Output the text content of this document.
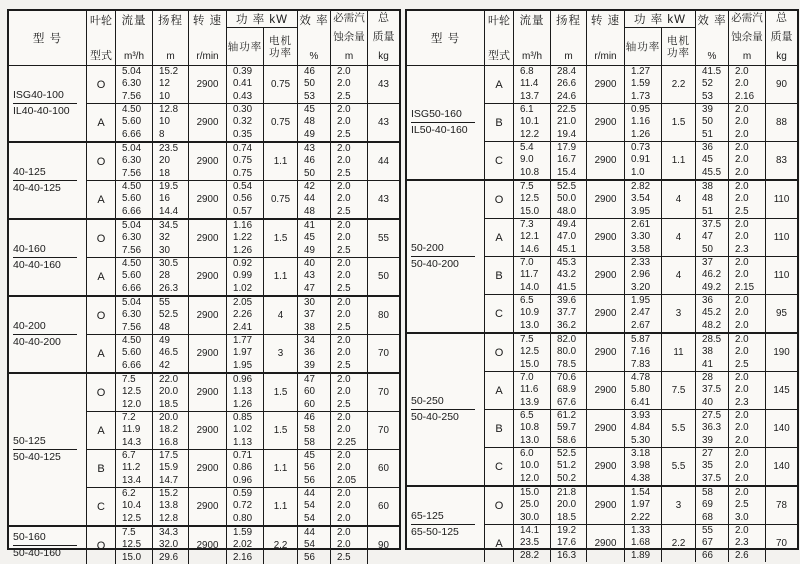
型 号
叶轮
型式
流量
m³/h
扬程
m
转 速
r/min
功 率 kW
轴功率
电机
功率
效 率
%
必需汽
蚀余量
m
总
质量
kg
ISG40-100
IL40-40-100
O
5.04
6.30
7.56
15.2
12
10
2900
0.39
0.41
0.43
0.75
46
50
53
2.0
2.0
2.5
43
A
4.50
5.60
6.66
12.8
10
8
2900
0.30
0.32
0.35
0.75
45
48
49
2.0
2.0
2.5
43
40-125
40-40-125
O
5.04
6.30
7.56
23.5
20
18
2900
0.74
0.75
0.75
1.1
43
46
50
2.0
2.0
2.5
44
A
4.50
5.60
6.66
19.5
16
14.4
2900
0.54
0.56
0.57
0.75
42
44
48
2.0
2.0
2.5
43
40-160
40-40-160
O
5.04
6.30
7.56
34.5
32
30
2900
1.16
1.22
1.26
1.5
41
45
49
2.0
2.0
2.5
55
A
4.50
5.60
6.66
30.5
28
26.3
2900
0.92
0.99
1.02
1.1
40
43
47
2.0
2.0
2.5
50
40-200
40-40-200
O
5.04
6.30
7.56
55
52.5
48
2900
2.05
2.26
2.41
4
30
37
38
2.0
2.0
2.5
80
A
4.50
5.60
6.66
49
46.5
42
2900
1.77
1.97
1.95
3
34
36
39
2.0
2.0
2.5
70
50-125
50-40-125
O
7.5
12.5
12.0
22.0
20.0
18.5
2900
0.96
1.13
1.26
1.5
47
60
60
2.0
2.0
2.5
70
A
7.2
11.9
14.3
20.0
18.2
16.8
2900
0.85
1.02
1.13
1.5
46
58
58
2.0
2.0
2.25
70
B
6.7
11.2
13.4
17.5
15.9
14.7
2900
0.71
0.86
0.96
1.1
45
56
56
2.0
2.0
2.05
60
C
6.2
10.4
12.5
15.2
13.8
12.8
2900
0.59
0.72
0.80
1.1
44
54
54
2.0
2.0
2.0
60
50-160
50-40-160
O
7.5
12.5
15.0
34.3
32.0
29.6
2900
1.59
2.02
2.16
2.2
44
54
56
2.0
2.0
2.5
90
型 号
叶轮
型式
流量
m³/h
扬程
m
转 速
r/min
功 率 kW
轴功率
电机
功率
效 率
%
必需汽
蚀余量
m
总
质量
kg
ISG50-160
IL50-40-160
A
6.8
11.4
13.7
28.4
26.6
24.6
2900
1.27
1.59
1.73
2.2
41.5
52
53
2.0
2.0
2.16
90
B
6.1
10.1
12.2
22.5
21.0
19.4
2900
0.95
1.16
1.26
1.5
39
50
51
2.0
2.0
2.0
88
C
5.4
9.0
10.8
17.9
16.7
15.4
2900
0.73
0.91
1.0
1.1
36
45
45.5
2.0
2.0
2.0
83
50-200
50-40-200
O
7.5
12.5
15.0
52.5
50.0
48.0
2900
2.82
3.54
3.95
4
38
48
51
2.0
2.0
2.5
110
A
7.3
12.1
14.6
49.4
47.0
45.1
2900
2.61
3.30
3.58
4
37.5
47
50
2.0
2.0
2.3
110
B
7.0
11.7
14.0
45.3
43.2
41.5
2900
2.33
2.96
3.20
4
37
46.2
49.2
2.0
2.0
2.15
110
C
6.5
10.9
13.0
39.6
37.7
36.2
2900
1.95
2.47
2.67
3
36
45.2
48.2
2.0
2.0
2.0
95
50-250
50-40-250
O
7.5
12.5
15.0
82.0
80.0
78.5
2900
5.87
7.16
7.83
11
28.5
38
41
2.0
2.0
2.5
190
A
7.0
11.6
13.9
70.6
68.9
67.6
2900
4.78
5.80
6.41
7.5
28
37.5
40
2.0
2.0
2.3
145
B
6.5
10.8
13.0
61.2
59.7
58.6
2900
3.93
4.84
5.30
5.5
27.5
36.3
39
2.0
2.0
2.0
140
C
6.0
10.0
12.0
52.5
51.2
50.2
2900
3.18
3.98
4.38
5.5
27
35
37.5
2.0
2.0
2.0
140
65-125
65-50-125
O
15.0
25.0
30.0
21.8
20.0
18.5
2900
1.54
1.97
2.22
3
58
69
68
2.0
2.5
3.0
78
A
14.1
23.5
28.2
19.2
17.6
16.3
2900
1.33
1.68
1.89
2.2
55
67
66
2.0
2.3
2.6
70
